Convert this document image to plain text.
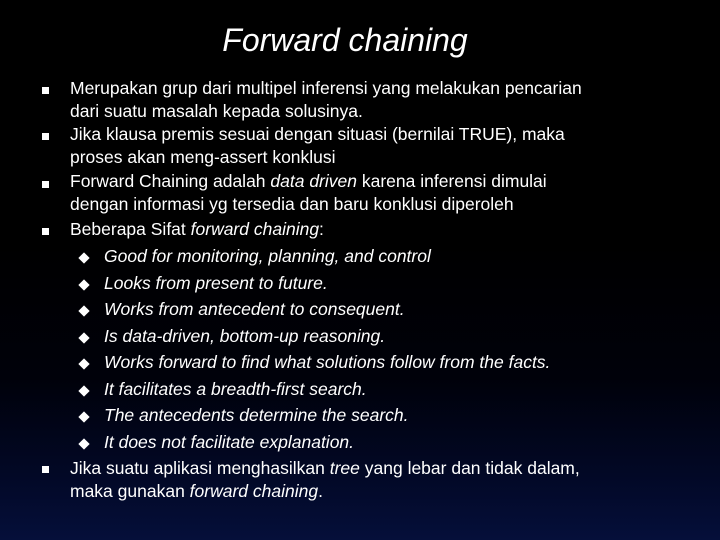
Forward chaining
Merupakan grup dari multipel inferensi yang melakukan pencarian
dari suatu masalah kepada solusinya.
Jika klausa premis sesuai dengan situasi (bernilai TRUE), maka
proses akan meng-assert konklusi
Forward Chaining adalah data driven karena inferensi dimulai
dengan informasi yg tersedia dan baru konklusi diperoleh
Beberapa Sifat forward chaining:
Good for monitoring, planning, and control
Looks from present to future.
Works from antecedent to consequent.
Is data-driven, bottom-up reasoning.
Works forward to find what solutions follow from the facts.
It facilitates a breadth-first search.
The antecedents determine the search.
It does not facilitate explanation.
Jika suatu aplikasi menghasilkan tree yang lebar dan tidak dalam,
maka gunakan forward chaining.
